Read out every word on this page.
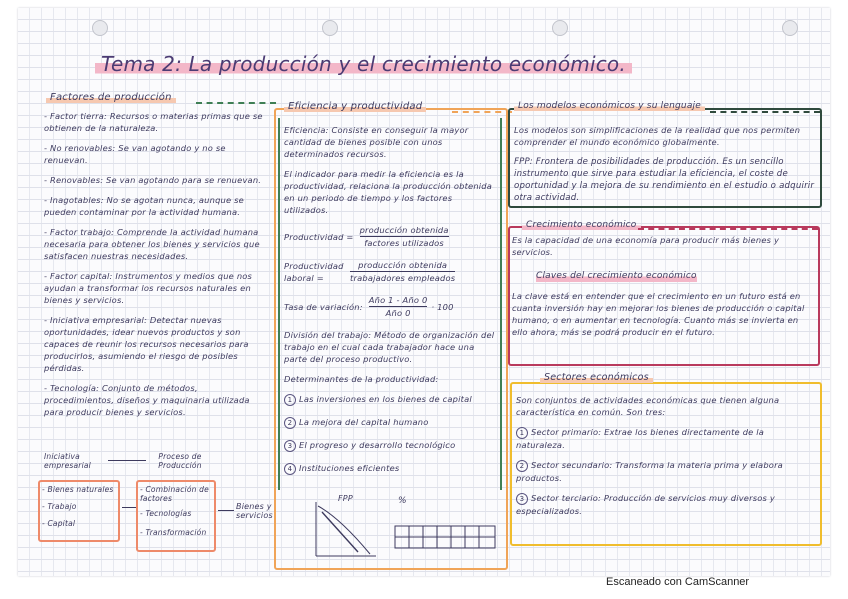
Tema 2: La producción y el crecimiento económico.
Factores de producción

- Factor tierra: Recursos o materias primas que se obtienen de la naturaleza.

- No renovables: Se van agotando y no se renuevan.

- Renovables: Se van agotando para se renuevan.

- Inagotables: No se agotan nunca, aunque se pueden contaminar por la actividad humana.

- Factor trabajo: Comprende la actividad humana necesaria para obtener los bienes y servicios que satisfacen nuestras necesidades.

- Factor capital: Instrumentos y medios que nos ayudan a transformar los recursos naturales en bienes y servicios.

- Iniciativa empresarial: Detectar nuevas oportunidades, idear nuevos productos y son capaces de reunir los recursos necesarios para producirlos, asumiendo el riesgo de posibles pérdidas.

- Tecnología: Conjunto de métodos, procedimientos, diseños y maquinaria utilizada para producir bienes y servicios.

Iniciativa empresarial
Proceso de Producción
- Bienes naturales
- Trabajo
- Capital
- Combinación de factores
- Tecnologías
- Transformación
Bienes y servicios
Eficiencia y productividad

Eficiencia: Consiste en conseguir la mayor cantidad de bienes posible con unos determinados recursos.

El indicador para medir la eficiencia es la productividad, relaciona la producción obtenida en un periodo de tiempo y los factores utilizados.

Productividad =
producción obtenida
factores utilizados
Productividad laboral =
producción obtenida
trabajadores empleados
Tasa de variación:
Año 1 - Año 0
Año 0
· 100

División del trabajo: Método de organización del trabajo en el cual cada trabajador hace una parte del proceso productivo.

Determinantes de la productividad:

1 Las inversiones en los bienes de capital

2 La mejora del capital humano

3 El progreso y desarrollo tecnológico

4 Instituciones eficientes

FPP	%
Los modelos económicos y su lenguaje

Los modelos son simplificaciones de la realidad que nos permiten comprender el mundo económico globalmente.

FPP: Frontera de posibilidades de producción. Es un sencillo instrumento que sirve para estudiar la eficiencia, el coste de oportunidad y la mejora de su rendimiento en el estudio o adquirir otra actividad.

Crecimiento económico

Es la capacidad de una economía para producir más bienes y servicios.

Claves del crecimiento económico

La clave está en entender que el crecimiento en un futuro está en cuanta inversión hay en mejorar los bienes de producción o capital humano, o en aumentar en tecnología. Cuanto más se invierta en ello ahora, más se podrá producir en el futuro.

Sectores económicos

Son conjuntos de actividades económicas que tienen alguna característica en común. Son tres:

1 Sector primario: Extrae los bienes directamente de la naturaleza.

2 Sector secundario: Transforma la materia prima y elabora productos.

3 Sector terciario: Producción de servicios muy diversos y especializados.

Escaneado con CamScanner
